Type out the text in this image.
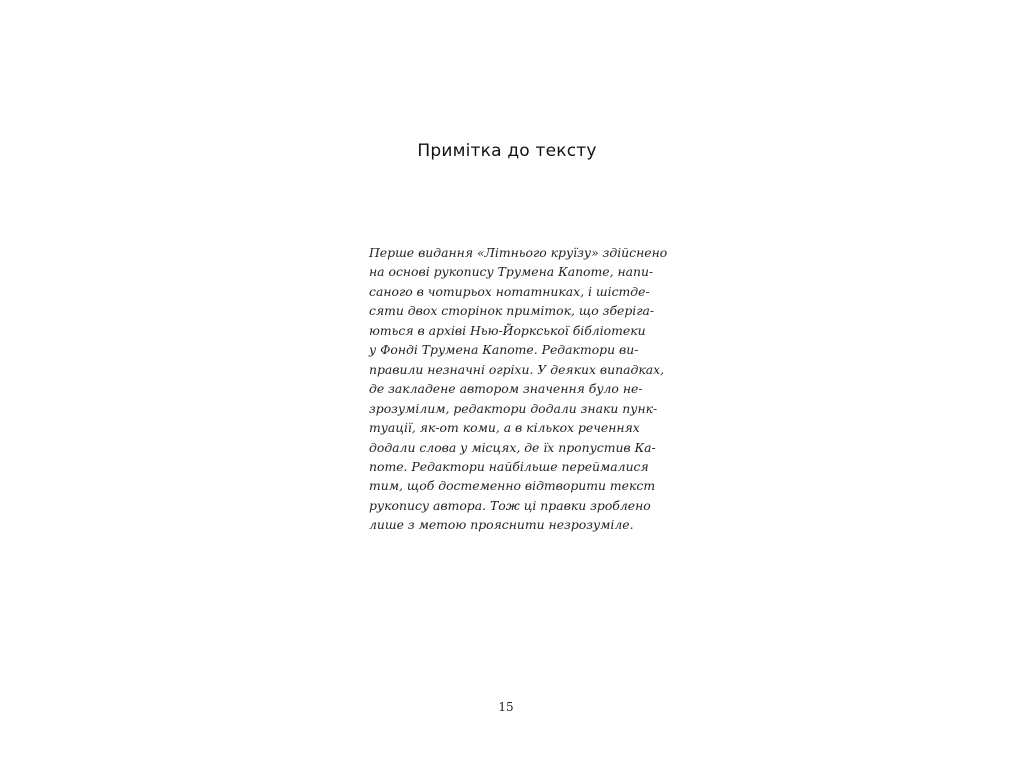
Примітка до тексту

Перше видання «Літнього круїзу» здійснено
на основі рукопису Трумена Капоте, напи-
саного в чотирьох нотатниках, і шістде-
сяти двох сторінок приміток, що зберіга-
ються в архіві Нью-Йоркської бібліотеки
у Фонді Трумена Капоте. Редактори ви-
правили незначні огріхи. У деяких випадках,
де закладене автором значення було не-
зрозумілим, редактори додали знаки пунк-
туації, як-от коми, а в кількох реченнях
додали слова у місцях, де їх пропустив Ка-
поте. Редактори найбільше переймалися
тим, щоб достеменно відтворити текст
рукопису автора. Тож ці правки зроблено
лише з метою прояснити незрозуміле.

15
